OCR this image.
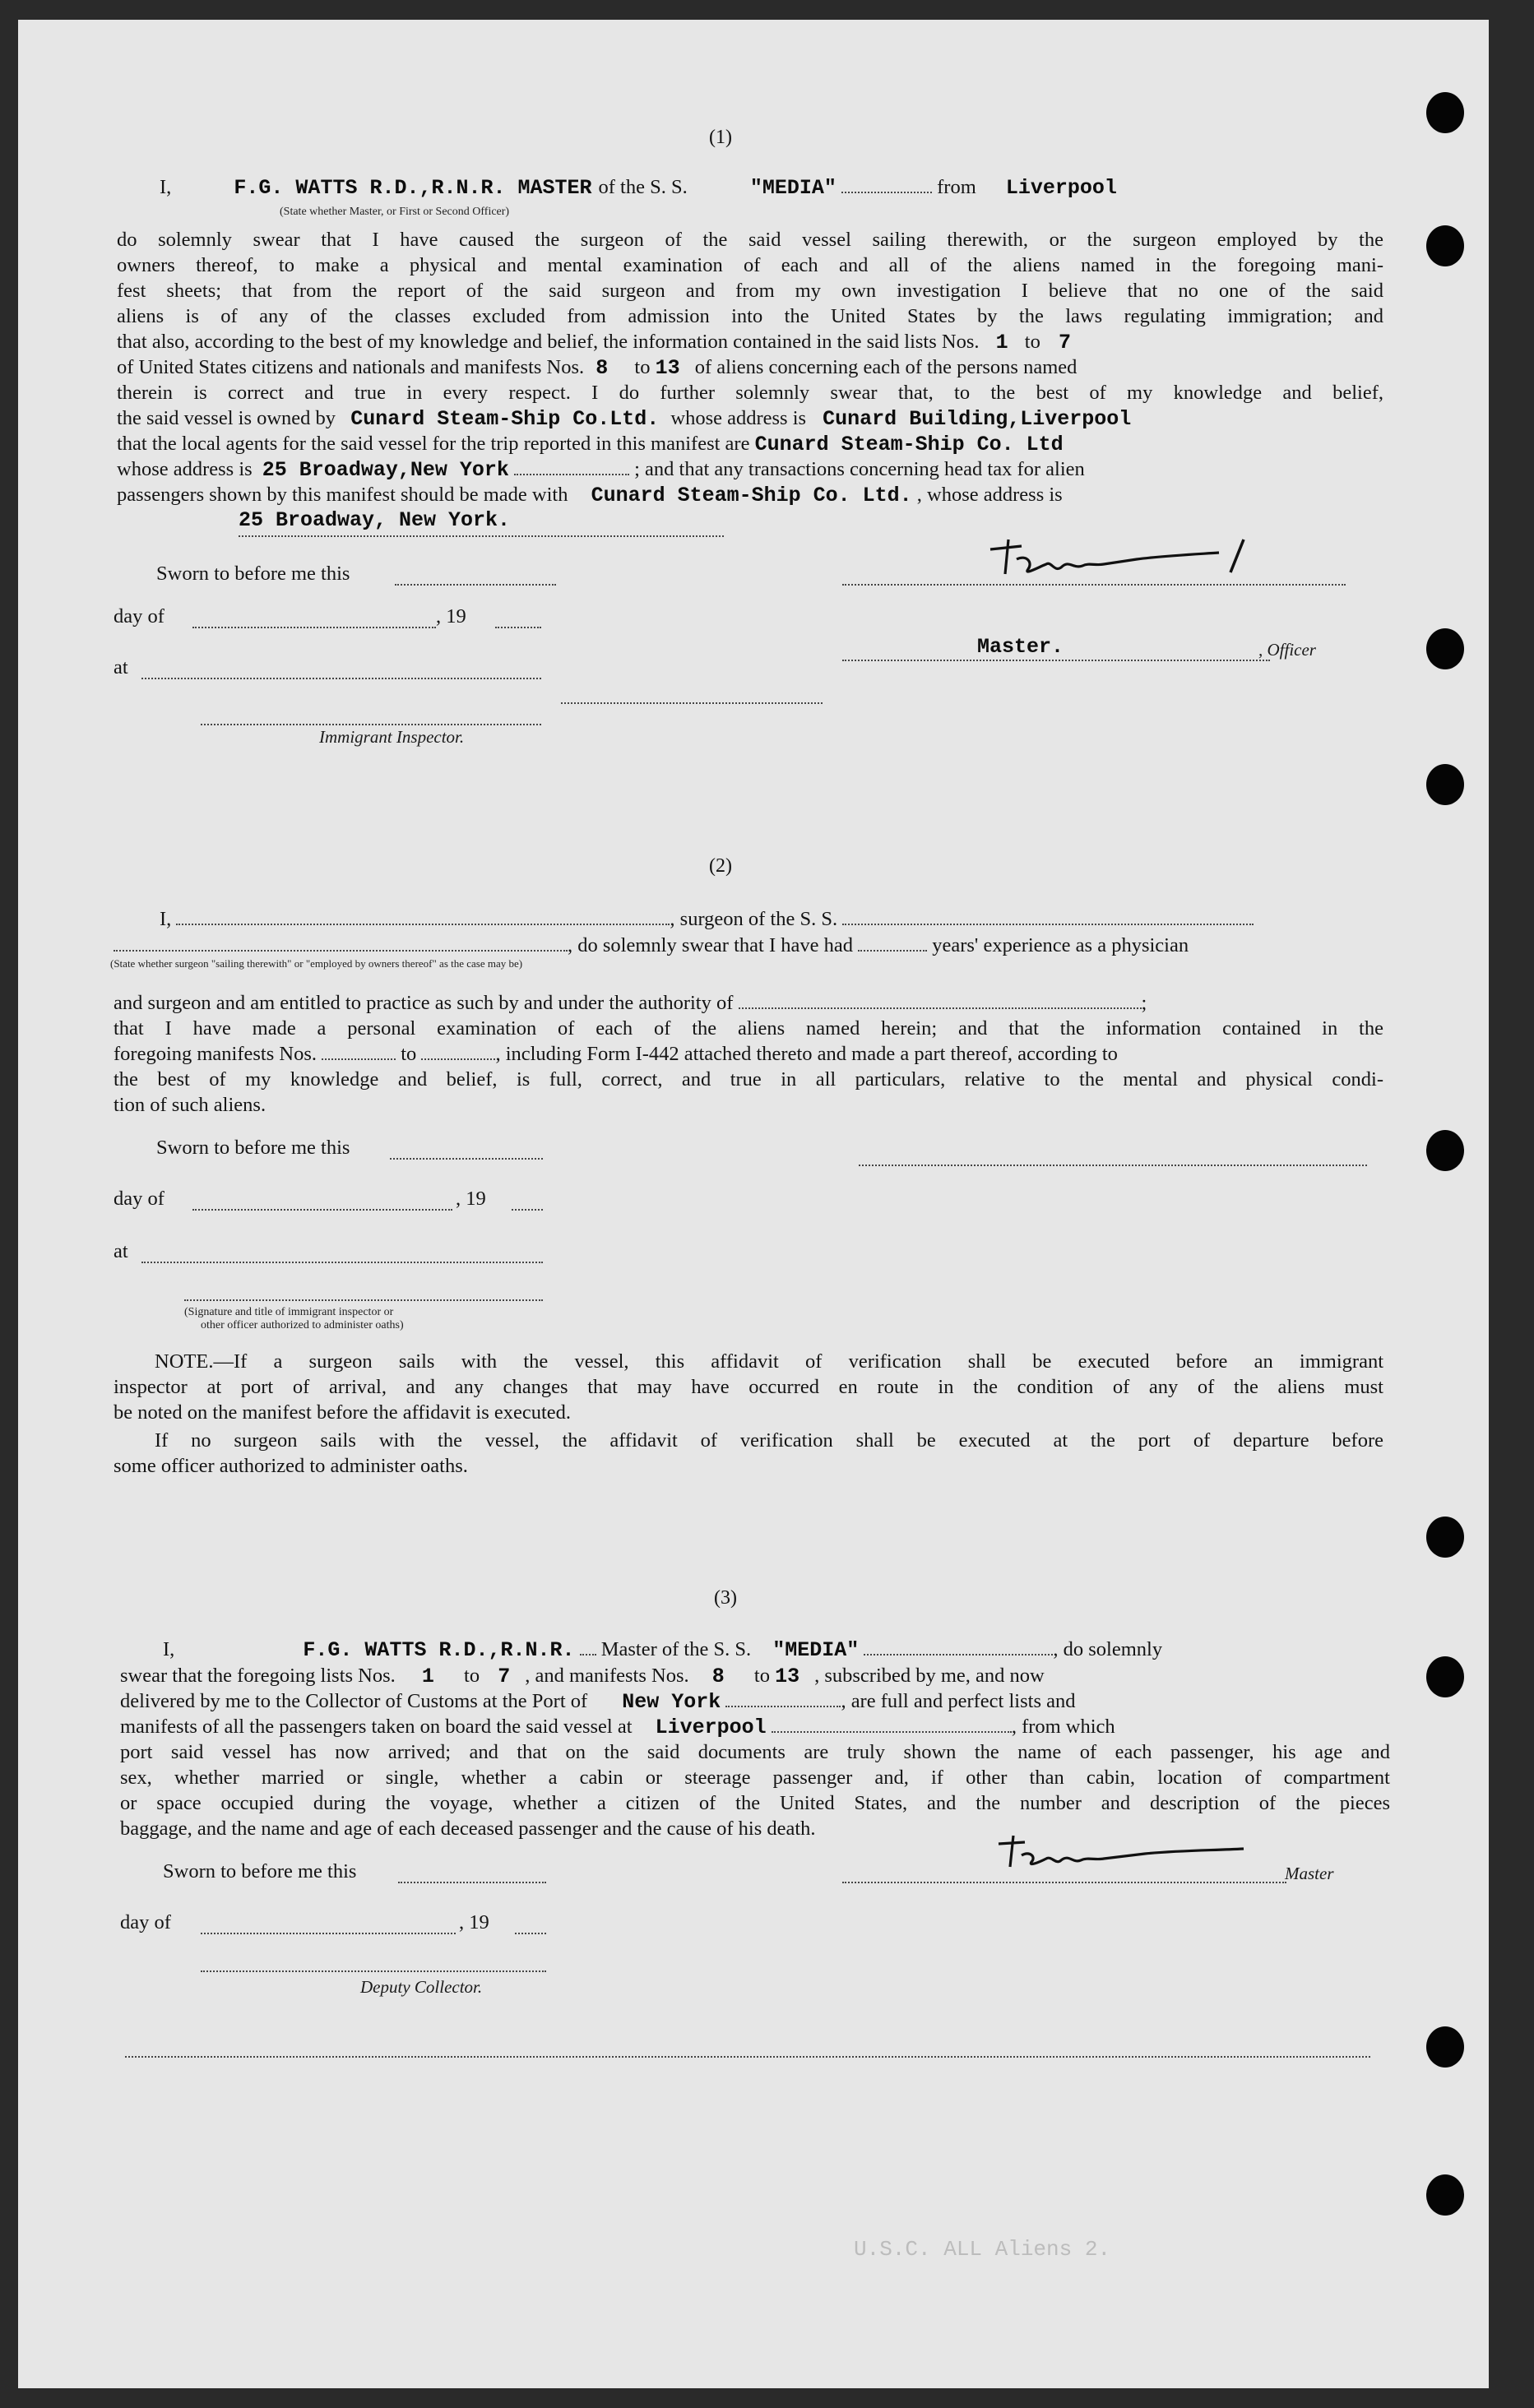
(1)
I,	F.G. WATTS R.D.,R.N.R. MASTER of the S. S.	"MEDIA"	from Liverpool
(State whether Master, or First or Second Officer)
do solemnly swear that I have caused the surgeon of the said vessel sailing therewith, or the surgeon employed by the
owners thereof, to make a physical and mental examination of each and all of the aliens named in the foregoing mani-
fest sheets; that from the report of the said surgeon and from my own investigation I believe that no one of the said
aliens is of any of the classes excluded from admission into the United States by the laws regulating immigration; and
that also, according to the best of my knowledge and belief, the information contained in the said lists Nos. 1 to 7
of United States citizens and nationals and manifests Nos. 8 to 13 of aliens concerning each of the persons named
therein is correct and true in every respect. I do further solemnly swear that, to the best of my knowledge and belief,
the said vessel is owned by Cunard Steam-Ship Co.Ltd. whose address is Cunard Building,Liverpool
that the local agents for the said vessel for the trip reported in this manifest are Cunard Steam-Ship Co. Ltd
whose address is 25 Broadway,New York	; and that any transactions concerning head tax for alien
passengers shown by this manifest should be made with Cunard Steam-Ship Co. Ltd. , whose address is
25 Broadway, New York.
Sworn to before me this
day of	, 19
Master.	, Officer
at
Immigrant Inspector.
(2)
I,	, surgeon of the S. S.
, do solemnly swear that I have had	years' experience as a physician
(State whether surgeon "sailing therewith" or "employed by owners thereof" as the case may be)
and surgeon and am entitled to practice as such by and under the authority of	;
that I have made a personal examination of each of the aliens named herein; and that the information contained in the
foregoing manifests Nos.	to	, including Form I-442 attached thereto and made a part thereof, according to
the best of my knowledge and belief, is full, correct, and true in all particulars, relative to the mental and physical condi-
tion of such aliens.
Sworn to before me this
day of	, 19
at
(Signature and title of immigrant inspector or
other officer authorized to administer oaths)
NOTE.—If a surgeon sails with the vessel, this affidavit of verification shall be executed before an immigrant
inspector at port of arrival, and any changes that may have occurred en route in the condition of any of the aliens must
be noted on the manifest before the affidavit is executed.
If no surgeon sails with the vessel, the affidavit of verification shall be executed at the port of departure before
some officer authorized to administer oaths.
(3)
I,	F.G. WATTS R.D.,R.N.R. Master of the S. S. "MEDIA"	, do solemnly
swear that the foregoing lists Nos. 1 to 7 , and manifests Nos. 8 to 13 , subscribed by me, and now
delivered by me to the Collector of Customs at the Port of New York	, are full and perfect lists and
manifests of all the passengers taken on board the said vessel at Liverpool	, from which
port said vessel has now arrived; and that on the said documents are truly shown the name of each passenger, his age and
sex, whether married or single, whether a cabin or steerage passenger and, if other than cabin, location of compartment
or space occupied during the voyage, whether a citizen of the United States, and the number and description of the pieces
baggage, and the name and age of each deceased passenger and the cause of his death.
Sworn to before me this	Master
day of	, 19
Deputy Collector.
U.S.C. ALL Aliens 2.
